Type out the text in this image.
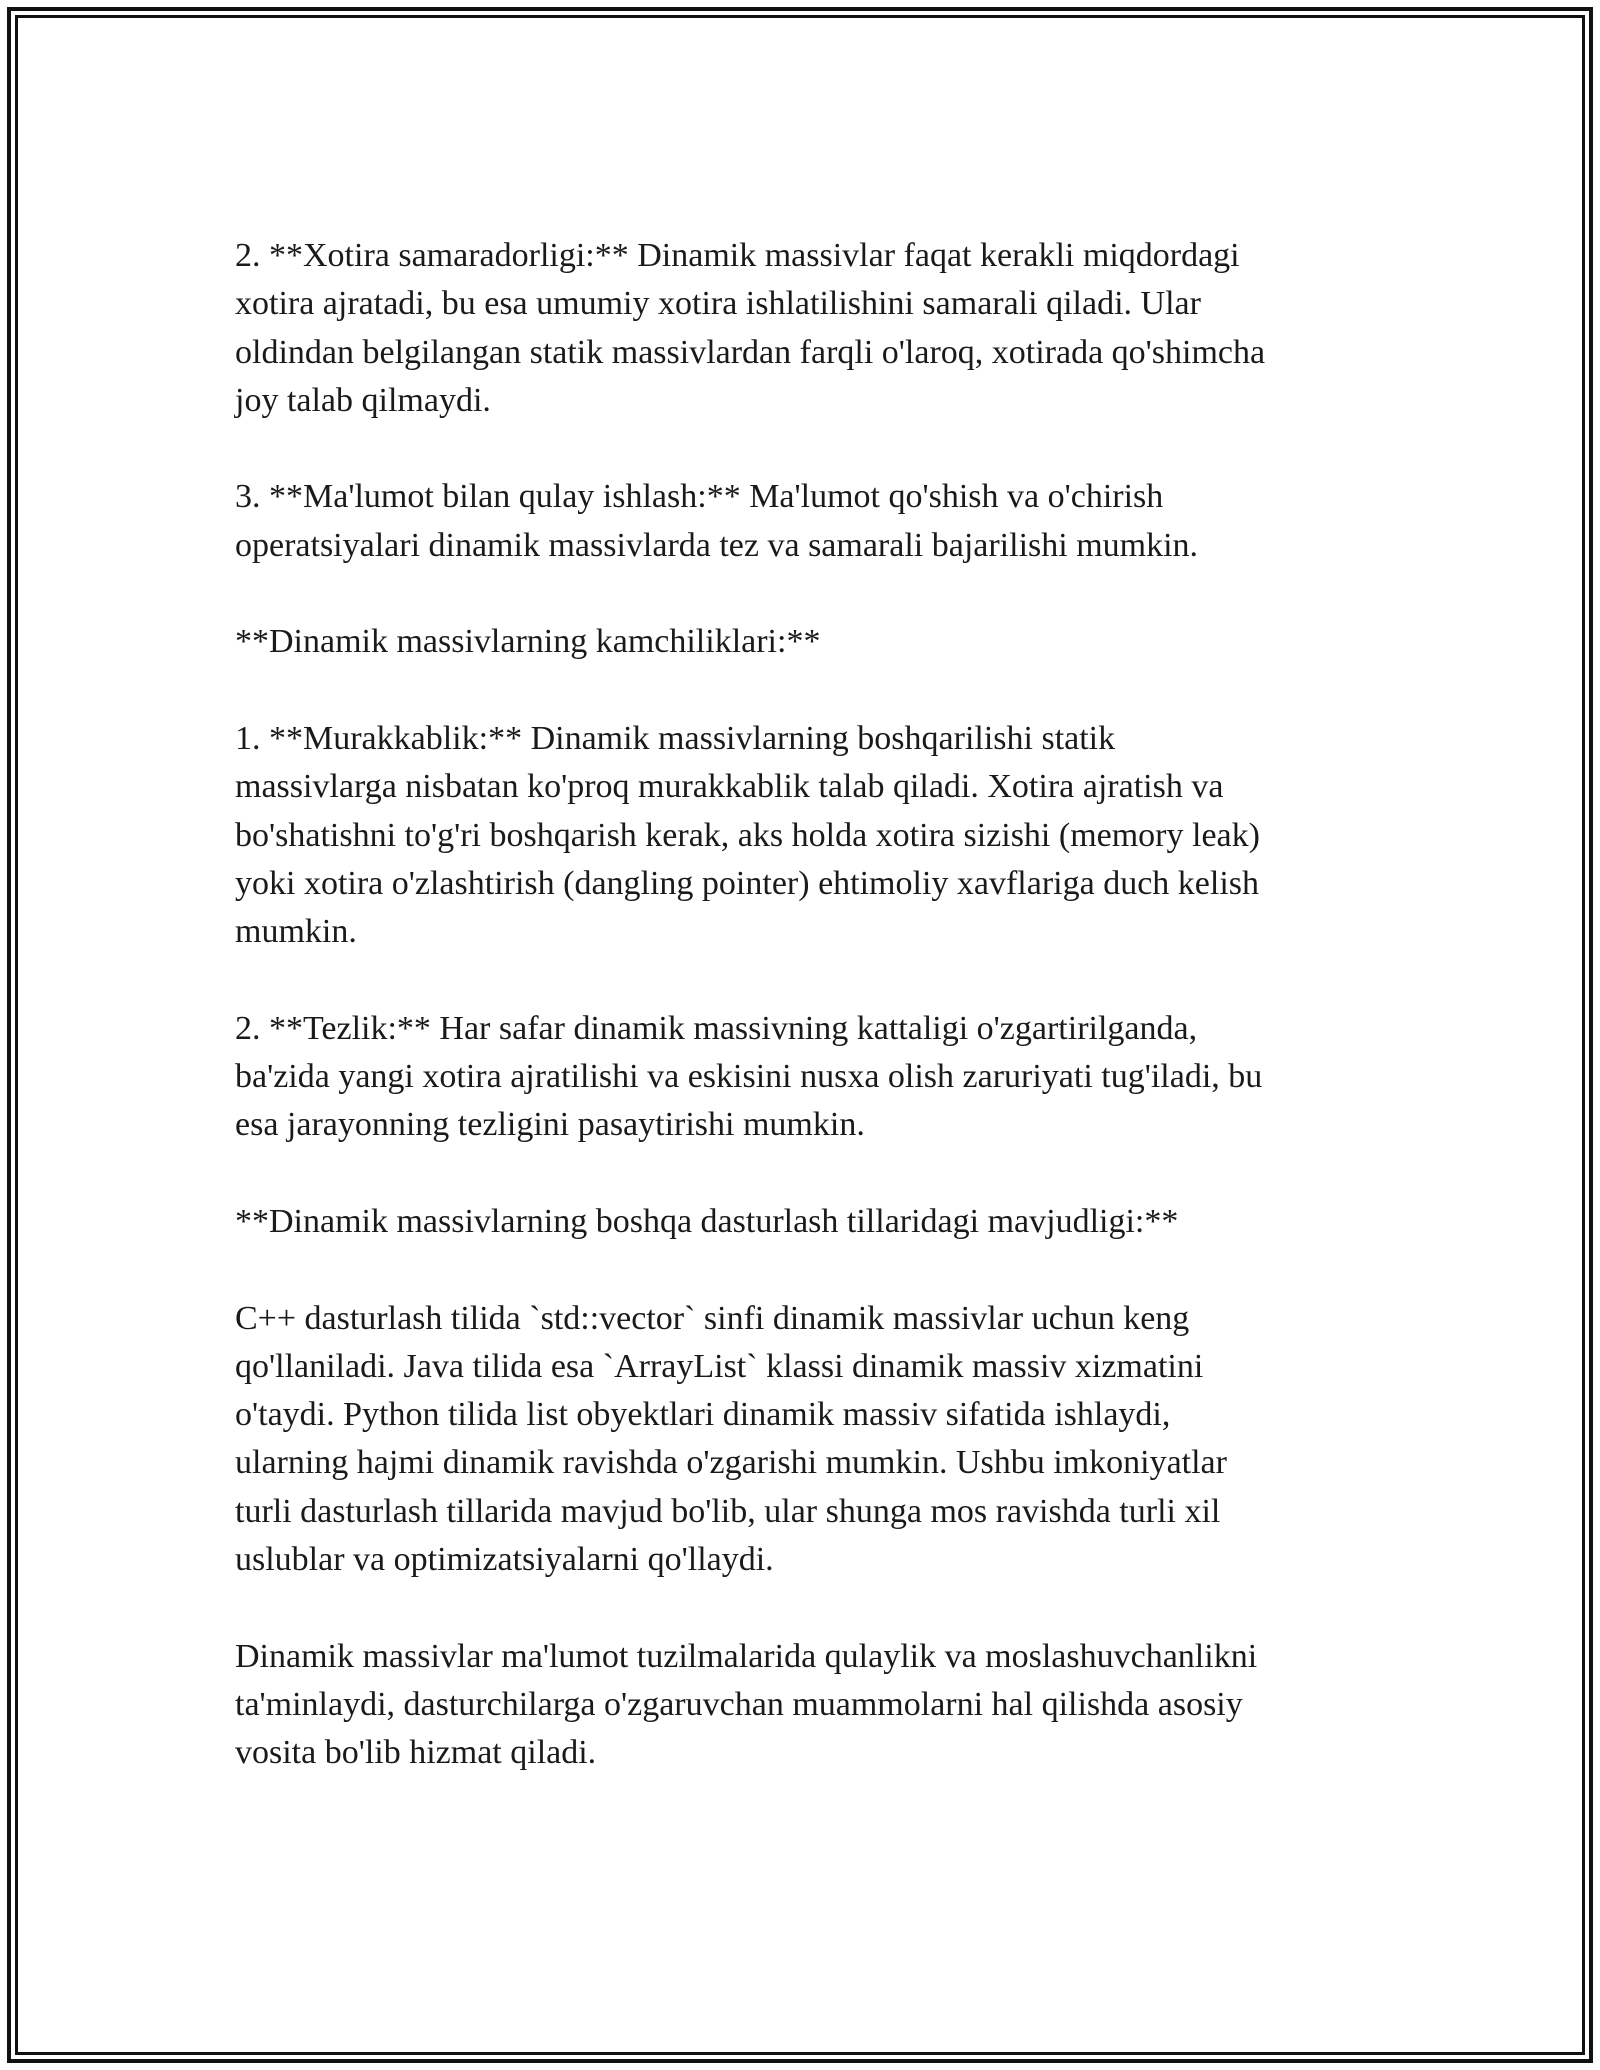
2. **Xotira samaradorligi:** Dinamik massivlar faqat kerakli miqdordagi
xotira ajratadi, bu esa umumiy xotira ishlatilishini samarali qiladi. Ular
oldindan belgilangan statik massivlardan farqli o'laroq, xotirada qo'shimcha
joy talab qilmaydi.

3. **Ma'lumot bilan qulay ishlash:** Ma'lumot qo'shish va o'chirish
operatsiyalari dinamik massivlarda tez va samarali bajarilishi mumkin.

**Dinamik massivlarning kamchiliklari:**

1. **Murakkablik:** Dinamik massivlarning boshqarilishi statik
massivlarga nisbatan ko'proq murakkablik talab qiladi. Xotira ajratish va
bo'shatishni to'g'ri boshqarish kerak, aks holda xotira sizishi (memory leak)
yoki xotira o'zlashtirish (dangling pointer) ehtimoliy xavflariga duch kelish
mumkin.

2. **Tezlik:** Har safar dinamik massivning kattaligi o'zgartirilganda,
ba'zida yangi xotira ajratilishi va eskisini nusxa olish zaruriyati tug'iladi, bu
esa jarayonning tezligini pasaytirishi mumkin.

**Dinamik massivlarning boshqa dasturlash tillaridagi mavjudligi:**

C++ dasturlash tilida `std::vector` sinfi dinamik massivlar uchun keng
qo'llaniladi. Java tilida esa `ArrayList` klassi dinamik massiv xizmatini
o'taydi. Python tilida list obyektlari dinamik massiv sifatida ishlaydi,
ularning hajmi dinamik ravishda o'zgarishi mumkin. Ushbu imkoniyatlar
turli dasturlash tillarida mavjud bo'lib, ular shunga mos ravishda turli xil
uslublar va optimizatsiyalarni qo'llaydi.

Dinamik massivlar ma'lumot tuzilmalarida qulaylik va moslashuvchanlikni
ta'minlaydi, dasturchilarga o'zgaruvchan muammolarni hal qilishda asosiy
vosita bo'lib hizmat qiladi.
